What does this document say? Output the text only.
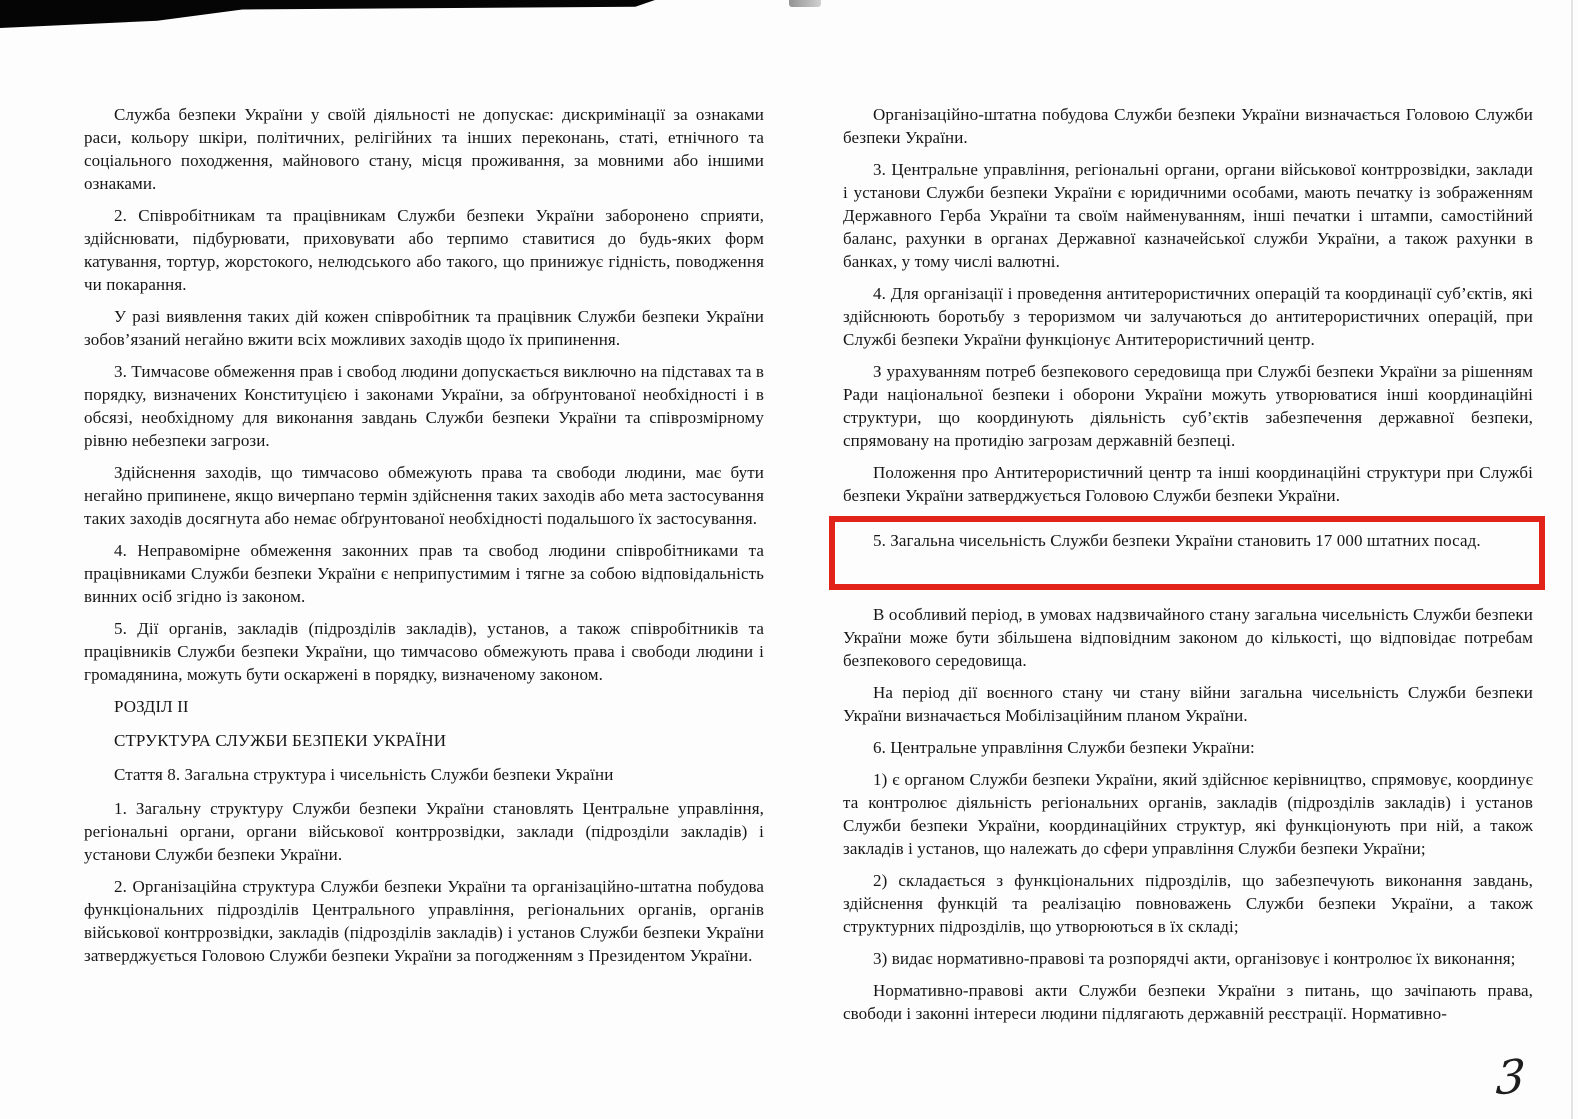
Служба безпеки України у своїй діяльності не допускає: дискримінації за ознаками раси, кольору шкіри, політичних, релігійних та інших переконань, статі, етнічного та соціального походження, майнового стану, місця проживання, за мовними або іншими ознаками.

2. Співробітникам та працівникам Служби безпеки України заборонено сприяти, здійснювати, підбурювати, приховувати або терпимо ставитися до будь-яких форм катування, тортур, жорстокого, нелюдського або такого, що принижує гідність, поводження чи покарання.

У разі виявлення таких дій кожен співробітник та працівник Служби безпеки України зобов’язаний негайно вжити всіх можливих заходів щодо їх припинення.

3. Тимчасове обмеження прав і свобод людини допускається виключно на підставах та в порядку, визначених Конституцією і законами України, за обґрунтованої необхідності і в обсязі, необхідному для виконання завдань Служби безпеки України та співрозмірному рівню небезпеки загрози.

Здійснення заходів, що тимчасово обмежують права та свободи людини, має бути негайно припинене, якщо вичерпано термін здійснення таких заходів або мета застосування таких заходів досягнута або немає обґрунтованої необхідності подальшого їх застосування.

4. Неправомірне обмеження законних прав та свобод людини співробітниками та працівниками Служби безпеки України є неприпустимим і тягне за собою відповідальність винних осіб згідно із законом.

5. Дії органів, закладів (підрозділів закладів), установ, а також співробітників та працівників Служби безпеки України, що тимчасово обмежують права і свободи людини і громадянина, можуть бути оскаржені в порядку, визначеному законом.

РОЗДІЛ ІІ

СТРУКТУРА СЛУЖБИ БЕЗПЕКИ УКРАЇНИ

Стаття 8. Загальна структура і чисельність Служби безпеки України

1. Загальну структуру Служби безпеки України становлять Центральне управління, регіональні органи, органи військової контррозвідки, заклади (підрозділи закладів) і установи Служби безпеки України.

2. Організаційна структура Служби безпеки України та організаційно-штатна побудова функціональних підрозділів Центрального управління, регіональних органів, органів військової контррозвідки, закладів (підрозділів закладів) і установ Служби безпеки України затверджується Головою Служби безпеки України за погодженням з Президентом України.

Організаційно-штатна побудова Служби безпеки України визначається Головою Служби безпеки України.

3. Центральне управління, регіональні органи, органи військової контррозвідки, заклади і установи Служби безпеки України є юридичними особами, мають печатку із зображенням Державного Герба України та своїм найменуванням, інші печатки і штампи, самостійний баланс, рахунки в органах Державної казначейської служби України, а також рахунки в банках, у тому числі валютні.

4. Для організації і проведення антитерористичних операцій та координації суб’єктів, які здійснюють боротьбу з тероризмом чи залучаються до антитерористичних операцій, при Службі безпеки України функціонує Антитерористичний центр.

З урахуванням потреб безпекового середовища при Службі безпеки України за рішенням Ради національної безпеки і оборони України можуть утворюватися інші координаційні структури, що координують діяльність суб’єктів забезпечення державної безпеки, спрямовану на протидію загрозам державній безпеці.

Положення про Антитерористичний центр та інші координаційні структури при Службі безпеки України затверджується Головою Служби безпеки України.

5. Загальна чисельність Служби безпеки України становить 17 000 штатних посад.

В особливий період, в умовах надзвичайного стану загальна чисельність Служби безпеки України може бути збільшена відповідним законом до кількості, що відповідає потребам безпекового середовища.

На період дії воєнного стану чи стану війни загальна чисельність Служби безпеки України визначається Мобілізаційним планом України.

6. Центральне управління Служби безпеки України:

1) є органом Служби безпеки України, який здійснює керівництво, спрямовує, координує та контролює діяльність регіональних органів, закладів (підрозділів закладів) і установ Служби безпеки України, координаційних структур, які функціонують при ній, а також закладів і установ, що належать до сфери управління Служби безпеки України;

2) складається з функціональних підрозділів, що забезпечують виконання завдань, здійснення функцій та реалізацію повноважень Служби безпеки України, а також структурних підрозділів, що утворюються в їх складі;

3) видає нормативно-правові та розпорядчі акти, організовує і контролює їх виконання;

Нормативно-правові акти Служби безпеки України з питань, що зачіпають права, свободи і законні інтереси людини підлягають державній реєстрації. Нормативно-

3
